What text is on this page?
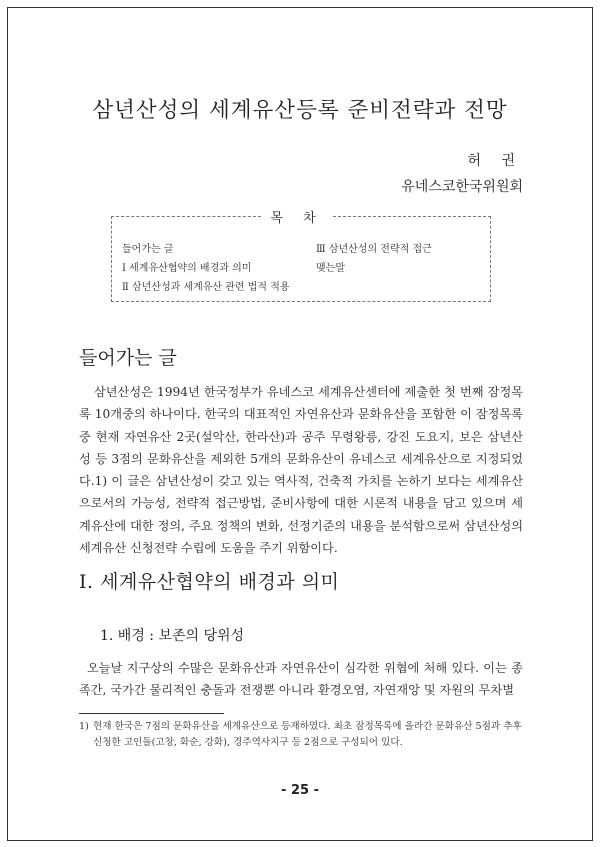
삼년산성의 세계유산등록 준비전략과 전망
허 권
유네스코한국위원회
목 차
들어가는 글
Ⅰ 세계유산협약의 배경과 의미
Ⅱ 삼년산성과 세계유산 관련 법적 적용
Ⅲ 삼년산성의 전략적 접근
맺는말
들어가는 글
삼년산성은 1994년 한국정부가 유네스코 세계유산센터에 제출한 첫 번째 잠정목록 10개중의 하나이다. 한국의 대표적인 자연유산과 문화유산을 포함한 이 잠정목록 중 현재 자연유산 2곳(설악산, 한라산)과 공주 무령왕릉, 강진 도요지, 보은 삼년산성 등 3점의 문화유산을 제외한 5개의 문화유산이 유네스코 세계유산으로 지정되었다.1) 이 글은 삼년산성이 갖고 있는 역사적, 건축적 가치를 논하기 보다는 세계유산으로서의 가능성, 전략적 접근방법, 준비사항에 대한 시론적 내용을 담고 있으며 세계유산에 대한 정의, 주요 정책의 변화, 선정기준의 내용을 분석함으로써 삼년산성의 세계유산 신청전략 수립에 도움을 주기 위함이다.
I. 세계유산협약의 배경과 의미
1. 배경 : 보존의 당위성
오늘날 지구상의 수많은 문화유산과 자연유산이 심각한 위협에 처해 있다. 이는 종족간, 국가간 물리적인 충돌과 전쟁뿐 아니라 환경오염, 자연재앙 및 자원의 무차별
1) 현재 한국은 7점의 문화유산을 세계유산으로 등재하였다. 최초 잠정목록에 올라간 문화유산 5점과 추후 신청한 고인돌(고창, 화순, 강화), 경주역사지구 등 2점으로 구성되어 있다.
- 25 -
